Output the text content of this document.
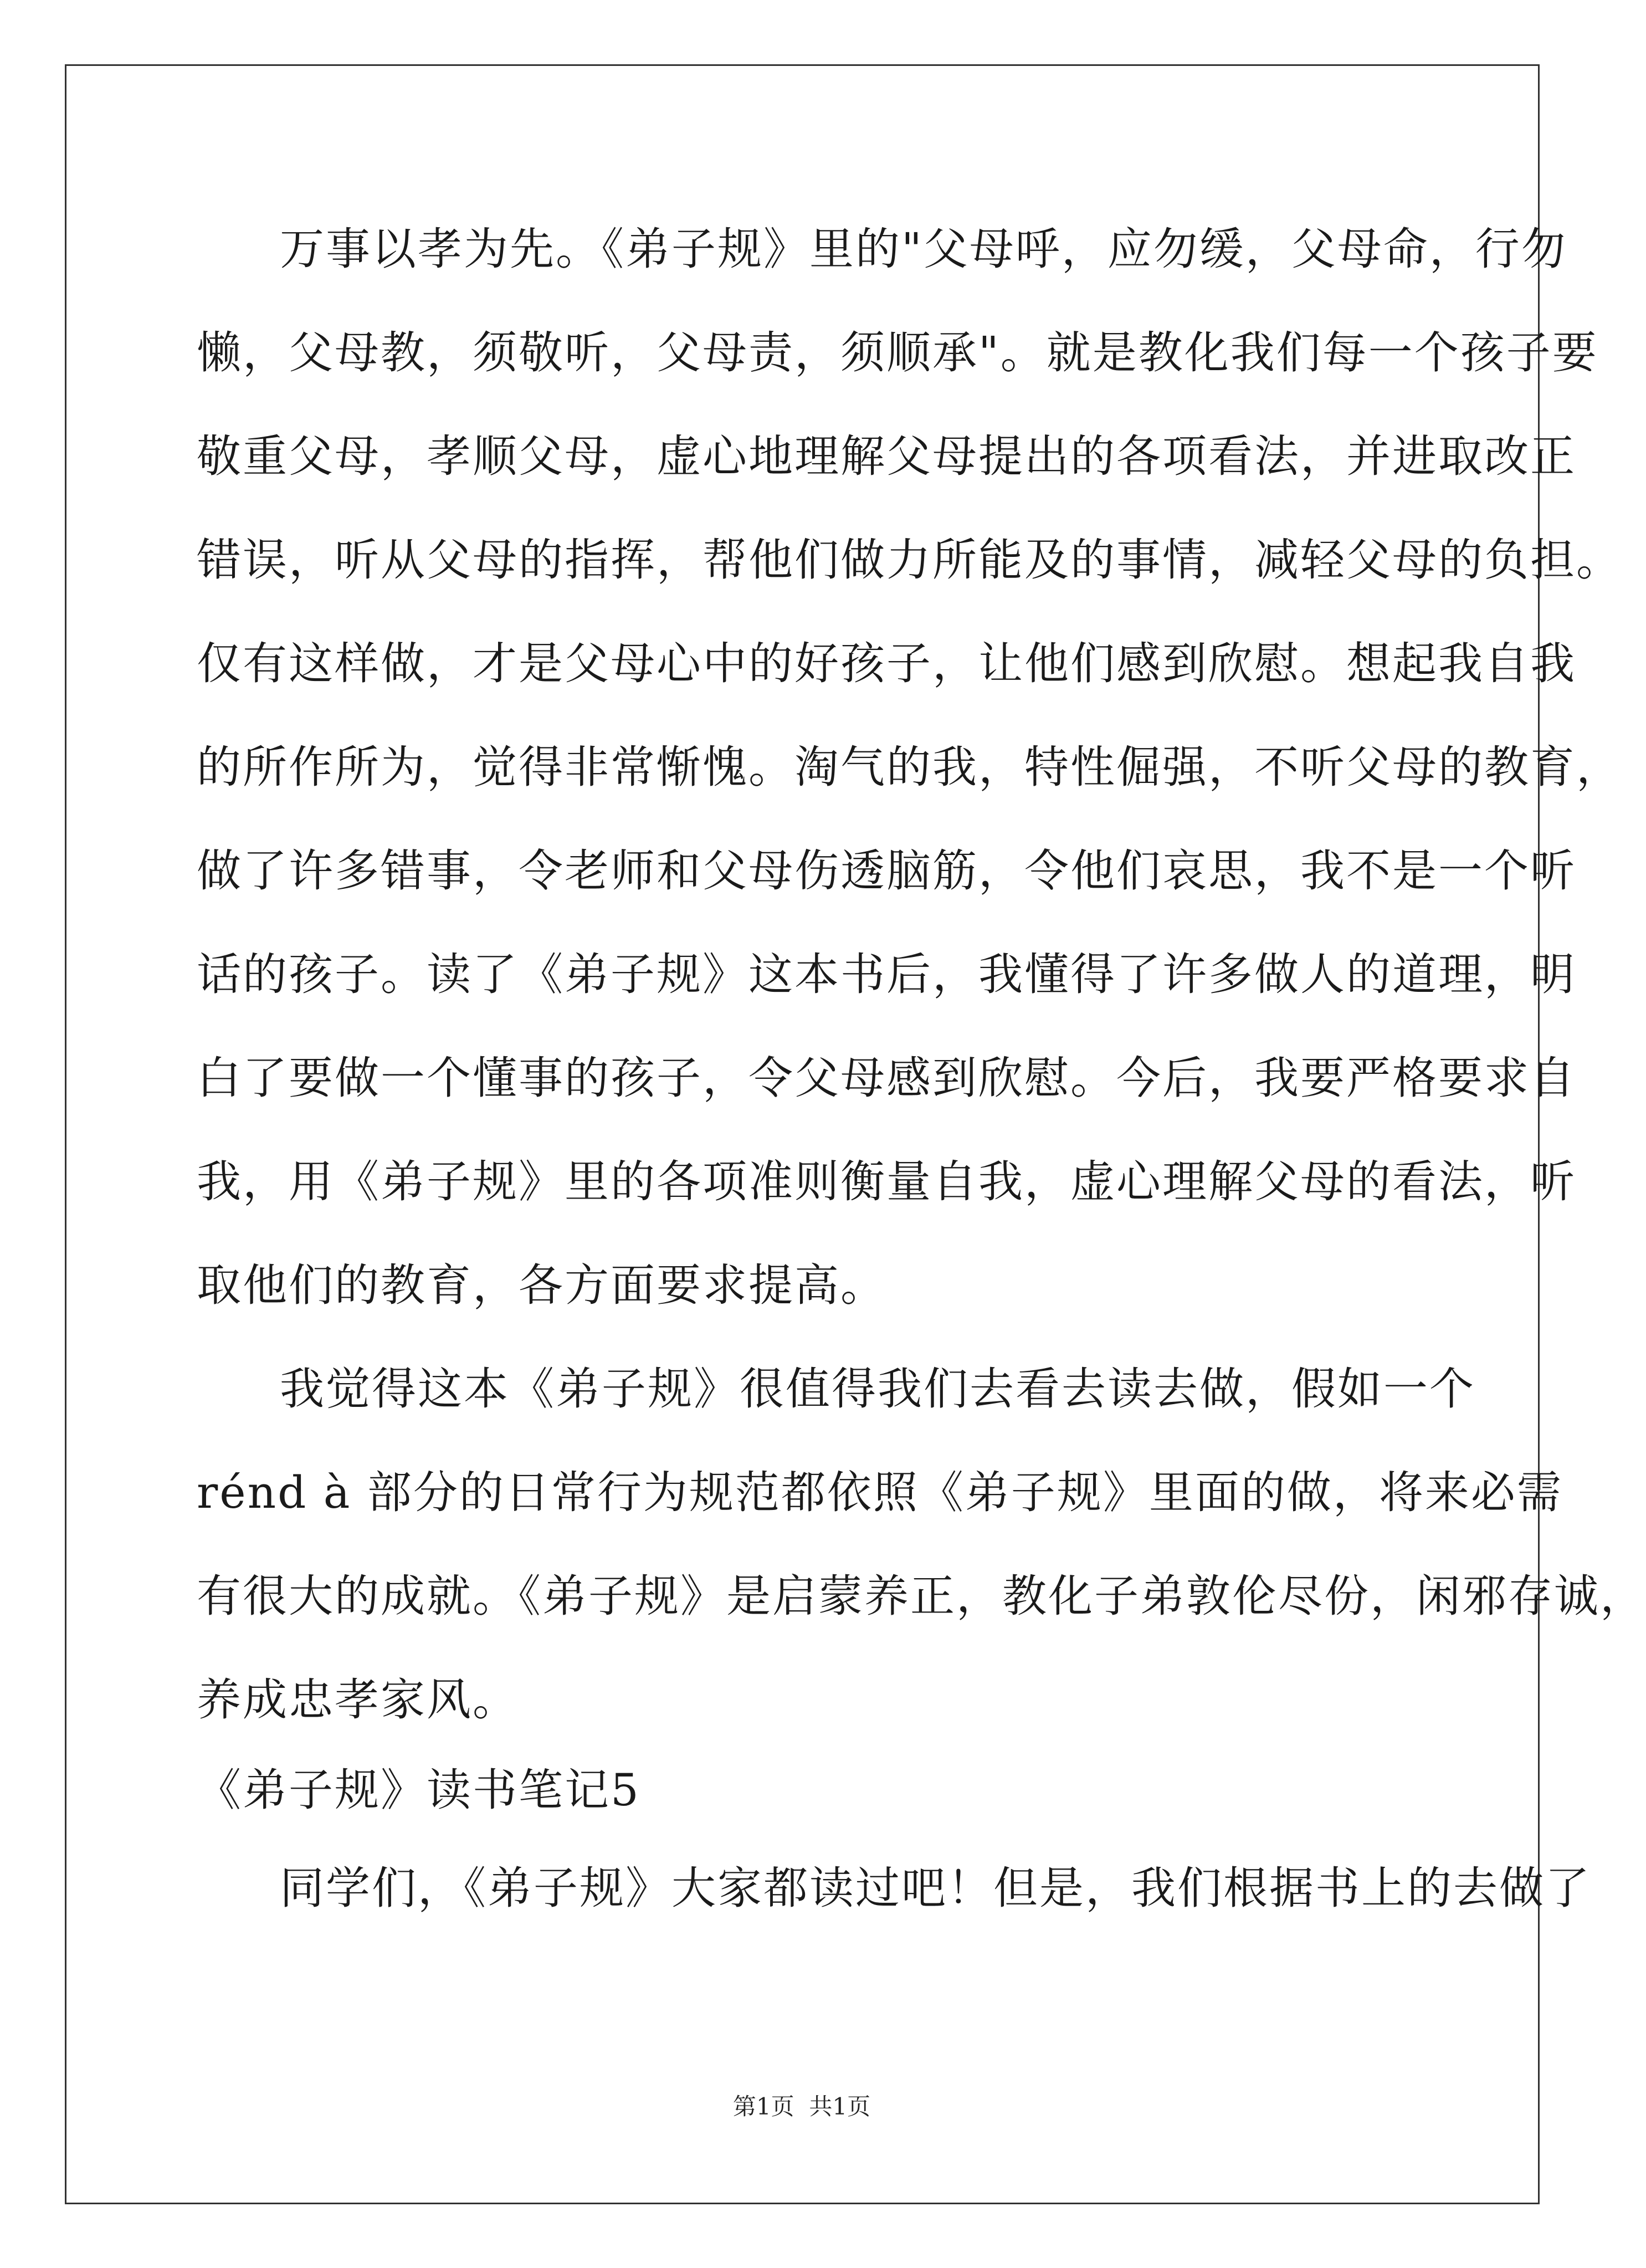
万事以孝为先。《弟子规》里的"父母呼，应勿缓，父母命，行勿
懒，父母教，须敬听，父母责，须顺承"。就是教化我们每一个孩子要
敬重父母，孝顺父母，虚心地理解父母提出的各项看法，并进取改正
错误，听从父母的指挥，帮他们做力所能及的事情，减轻父母的负担。
仅有这样做，才是父母心中的好孩子，让他们感到欣慰。想起我自我
的所作所为，觉得非常惭愧。淘气的我，特性倔强，不听父母的教育，
做了许多错事，令老师和父母伤透脑筋，令他们哀思，我不是一个听
话的孩子。读了《弟子规》这本书后，我懂得了许多做人的道理，明
白了要做一个懂事的孩子，令父母感到欣慰。今后，我要严格要求自
我，用《弟子规》里的各项准则衡量自我，虚心理解父母的看法，听
取他们的教育，各方面要求提高。
我觉得这本《弟子规》很值得我们去看去读去做，假如一个
rénd à 部分的日常行为规范都依照《弟子规》里面的做，将来必需
有很大的成就。《弟子规》是启蒙养正，教化子弟敦伦尽份，闲邪存诚，
养成忠孝家风。
《弟子规》读书笔记5
同学们，《弟子规》大家都读过吧！但是，我们根据书上的去做了
第1页  共1页
